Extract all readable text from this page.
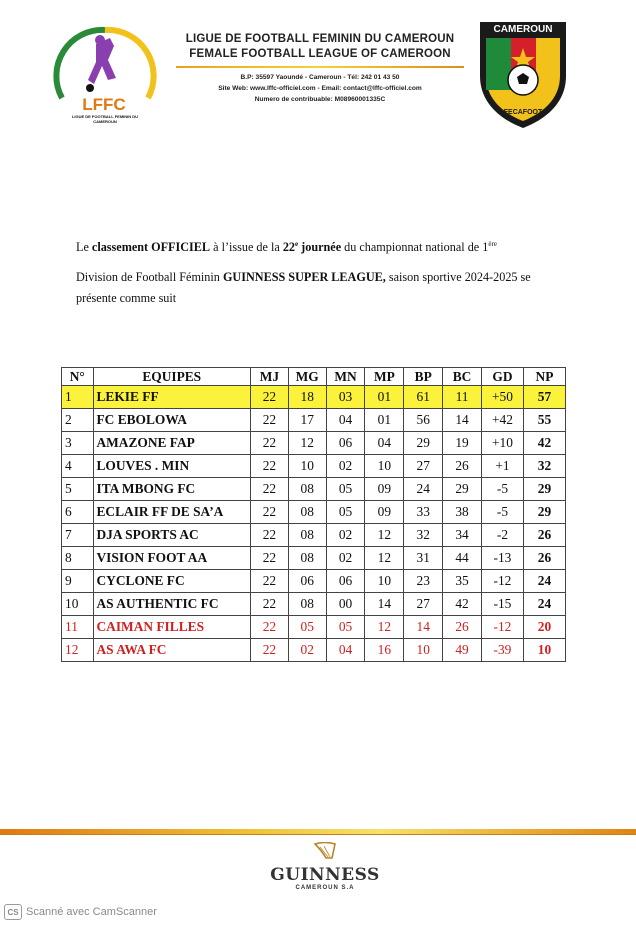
LFFC
LIGUE DE FOOTBALL FEMININ DU CAMEROUN
LIGUE DE FOOTBALL FEMININ DU CAMEROUN
FEMALE FOOTBALL LEAGUE OF CAMEROON
B.P: 35597 Yaoundé - Cameroun - Tél: 242 01 43 50
Site Web: www.lffc-officiel.com - Email: contact@lffc-officiel.com
Numero de contribuable: M08960001335C
CAMEROUN
FECAFOOT

Le classement OFFICIEL à l’issue de la 22e journée du championnat national de 1ère

Division de Football Féminin GUINNESS SUPER LEAGUE, saison sportive 2024-2025 se présente comme suit

N°	EQUIPES	MJ	MG	MN	MP	BP	BC	GD	NP
1	LEKIE FF	22	18	03	01	61	11	+50	57
2	FC EBOLOWA	22	17	04	01	56	14	+42	55
3	AMAZONE FAP	22	12	06	04	29	19	+10	42
4	LOUVES . MIN	22	10	02	10	27	26	+1	32
5	ITA MBONG FC	22	08	05	09	24	29	-5	29
6	ECLAIR FF DE SA’A	22	08	05	09	33	38	-5	29
7	DJA SPORTS AC	22	08	02	12	32	34	-2	26
8	VISION FOOT AA	22	08	02	12	31	44	-13	26
9	CYCLONE FC	22	06	06	10	23	35	-12	24
10	AS AUTHENTIC FC	22	08	00	14	27	42	-15	24
11	CAIMAN FILLES	22	05	05	12	14	26	-12	20
12	AS AWA FC	22	02	04	16	10	49	-39	10
GUINNESS
CAMEROUN S.A
CS Scanné avec CamScanner
